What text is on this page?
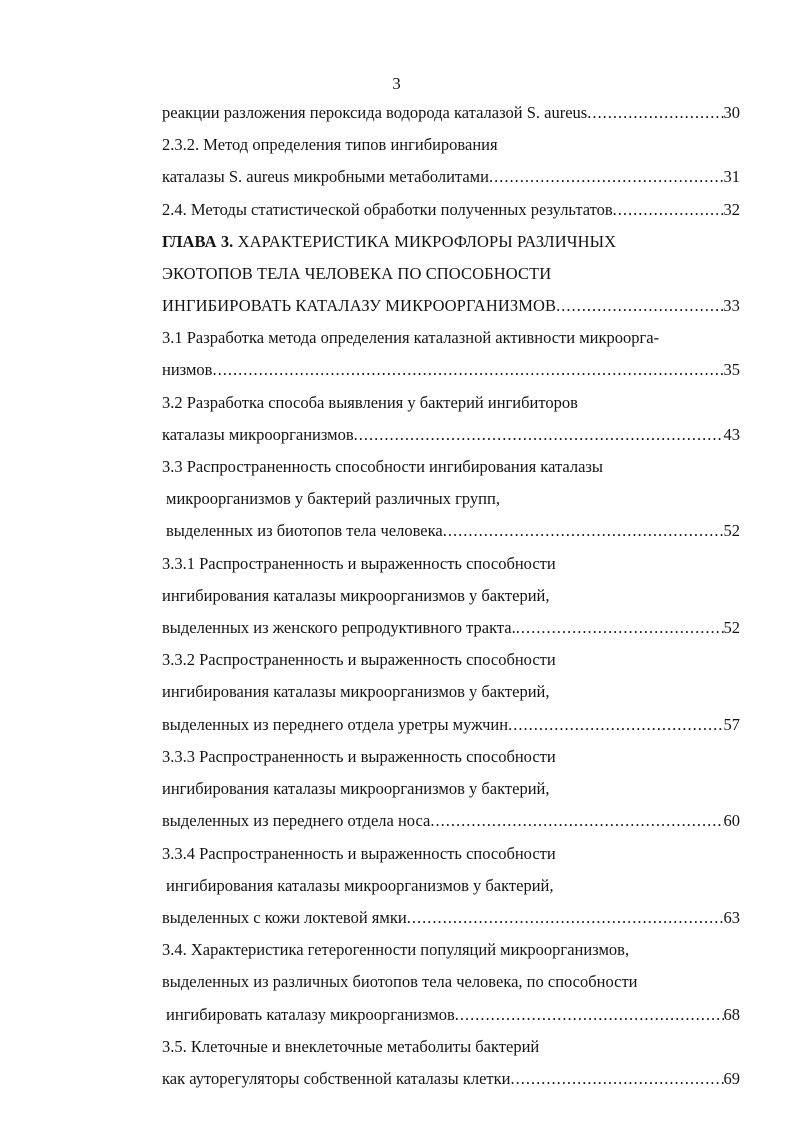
3
реакции разложения пероксида водорода каталазой S. aureus .....	30
2.3.2. Метод определения типов ингибирования
каталазы S. aureus микробными метаболитами .....	31
2.4. Методы статистической обработки полученных результатов .....	32
ГЛАВА 3. ХАРАКТЕРИСТИКА МИКРОФЛОРЫ РАЗЛИЧНЫХ
ЭКОТОПОВ ТЕЛА ЧЕЛОВЕКА ПО СПОСОБНОСТИ
ИНГИБИРОВАТЬ КАТАЛАЗУ МИКРООРГАНИЗМОВ .....	33
3.1 Разработка метода определения каталазной активности микроорга-
низмов .....	35
3.2 Разработка способа выявления у бактерий ингибиторов
каталазы микроорганизмов .....	43
3.3 Распространенность способности ингибирования каталазы
микроорганизмов у бактерий различных групп,
выделенных из биотопов тела человека .....	52
3.3.1 Распространенность и выраженность способности
ингибирования каталазы микроорганизмов у бактерий,
выделенных из женского репродуктивного тракта. .....	52
3.3.2 Распространенность и выраженность способности
ингибирования каталазы микроорганизмов у бактерий,
выделенных из переднего отдела уретры мужчин .....	57
3.3.3 Распространенность и выраженность способности
ингибирования каталазы микроорганизмов у бактерий,
выделенных из переднего отдела носа .....	60
3.3.4 Распространенность и выраженность способности
ингибирования каталазы микроорганизмов у бактерий,
выделенных с кожи локтевой ямки .....	63
3.4. Характеристика гетерогенности популяций микроорганизмов,
выделенных из различных биотопов тела человека, по способности
ингибировать каталазу микроорганизмов .....	68
3.5. Клеточные и внеклеточные метаболиты бактерий
как ауторегуляторы собственной каталазы клетки .....	69
